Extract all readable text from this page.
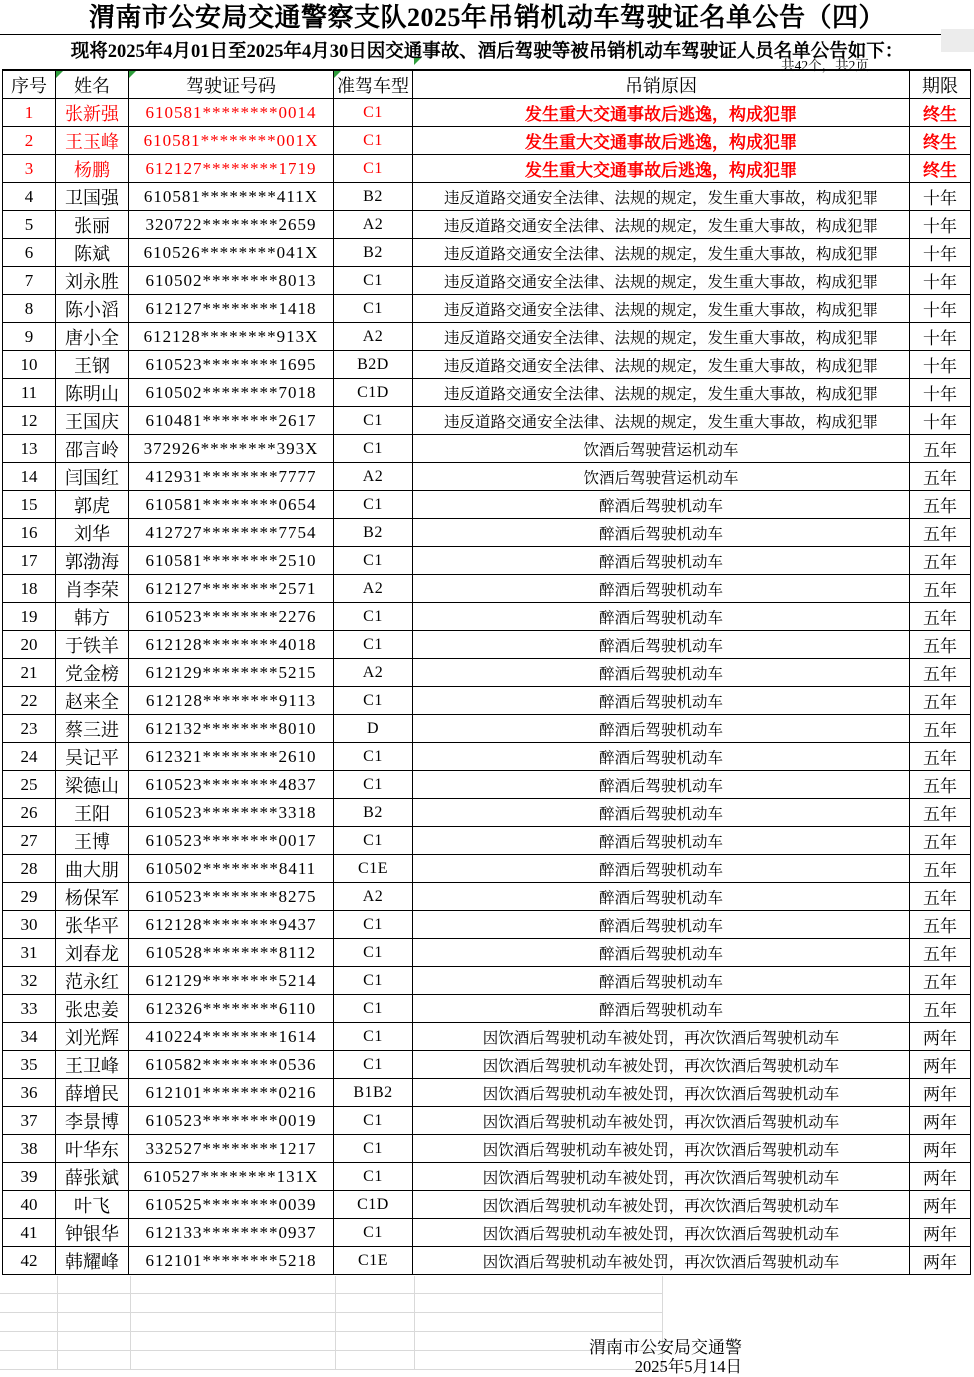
渭南市公安局交通警察支队2025年吊销机动车驾驶证名单公告（四）
现将2025年4月01日至2025年4月30日因交通事故、酒后驾驶等被吊销机动车驾驶证人员名单公告如下：
共42个，共2页
序号	姓名	驾驶证号码	准驾车型	吊销原因	期限
1	张新强	610581********0014	C1	发生重大交通事故后逃逸，构成犯罪	终生
2	王玉峰	610581********001X	C1	发生重大交通事故后逃逸，构成犯罪	终生
3	杨鹏	612127********1719	C1	发生重大交通事故后逃逸，构成犯罪	终生
4	卫国强	610581********411X	B2	违反道路交通安全法律、法规的规定，发生重大事故，构成犯罪	十年
5	张丽	320722********2659	A2	违反道路交通安全法律、法规的规定，发生重大事故，构成犯罪	十年
6	陈斌	610526********041X	B2	违反道路交通安全法律、法规的规定，发生重大事故，构成犯罪	十年
7	刘永胜	610502********8013	C1	违反道路交通安全法律、法规的规定，发生重大事故，构成犯罪	十年
8	陈小滔	612127********1418	C1	违反道路交通安全法律、法规的规定，发生重大事故，构成犯罪	十年
9	唐小全	612128********913X	A2	违反道路交通安全法律、法规的规定，发生重大事故，构成犯罪	十年
10	王钢	610523********1695	B2D	违反道路交通安全法律、法规的规定，发生重大事故，构成犯罪	十年
11	陈明山	610502********7018	C1D	违反道路交通安全法律、法规的规定，发生重大事故，构成犯罪	十年
12	王国庆	610481********2617	C1	违反道路交通安全法律、法规的规定，发生重大事故，构成犯罪	十年
13	邵言岭	372926********393X	C1	饮酒后驾驶营运机动车	五年
14	闫国红	412931********7777	A2	饮酒后驾驶营运机动车	五年
15	郭虎	610581********0654	C1	醉酒后驾驶机动车	五年
16	刘华	412727********7754	B2	醉酒后驾驶机动车	五年
17	郭渤海	610581********2510	C1	醉酒后驾驶机动车	五年
18	肖李荣	612127********2571	A2	醉酒后驾驶机动车	五年
19	韩方	610523********2276	C1	醉酒后驾驶机动车	五年
20	于铁羊	612128********4018	C1	醉酒后驾驶机动车	五年
21	党金榜	612129********5215	A2	醉酒后驾驶机动车	五年
22	赵来全	612128********9113	C1	醉酒后驾驶机动车	五年
23	蔡三进	612132********8010	D	醉酒后驾驶机动车	五年
24	吴记平	612321********2610	C1	醉酒后驾驶机动车	五年
25	梁德山	610523********4837	C1	醉酒后驾驶机动车	五年
26	王阳	610523********3318	B2	醉酒后驾驶机动车	五年
27	王博	610523********0017	C1	醉酒后驾驶机动车	五年
28	曲大朋	610502********8411	C1E	醉酒后驾驶机动车	五年
29	杨保军	610523********8275	A2	醉酒后驾驶机动车	五年
30	张华平	612128********9437	C1	醉酒后驾驶机动车	五年
31	刘春龙	610528********8112	C1	醉酒后驾驶机动车	五年
32	范永红	612129********5214	C1	醉酒后驾驶机动车	五年
33	张忠姜	612326********6110	C1	醉酒后驾驶机动车	五年
34	刘光辉	410224********1614	C1	因饮酒后驾驶机动车被处罚，再次饮酒后驾驶机动车	两年
35	王卫峰	610582********0536	C1	因饮酒后驾驶机动车被处罚，再次饮酒后驾驶机动车	两年
36	薛增民	612101********0216	B1B2	因饮酒后驾驶机动车被处罚，再次饮酒后驾驶机动车	两年
37	李景博	610523********0019	C1	因饮酒后驾驶机动车被处罚，再次饮酒后驾驶机动车	两年
38	叶华东	332527********1217	C1	因饮酒后驾驶机动车被处罚，再次饮酒后驾驶机动车	两年
39	薛张斌	610527********131X	C1	因饮酒后驾驶机动车被处罚，再次饮酒后驾驶机动车	两年
40	叶飞	610525********0039	C1D	因饮酒后驾驶机动车被处罚，再次饮酒后驾驶机动车	两年
41	钟银华	612133********0937	C1	因饮酒后驾驶机动车被处罚，再次饮酒后驾驶机动车	两年
42	韩耀峰	612101********5218	C1E	因饮酒后驾驶机动车被处罚，再次饮酒后驾驶机动车	两年
渭南市公安局交通警
2025年5月14日
